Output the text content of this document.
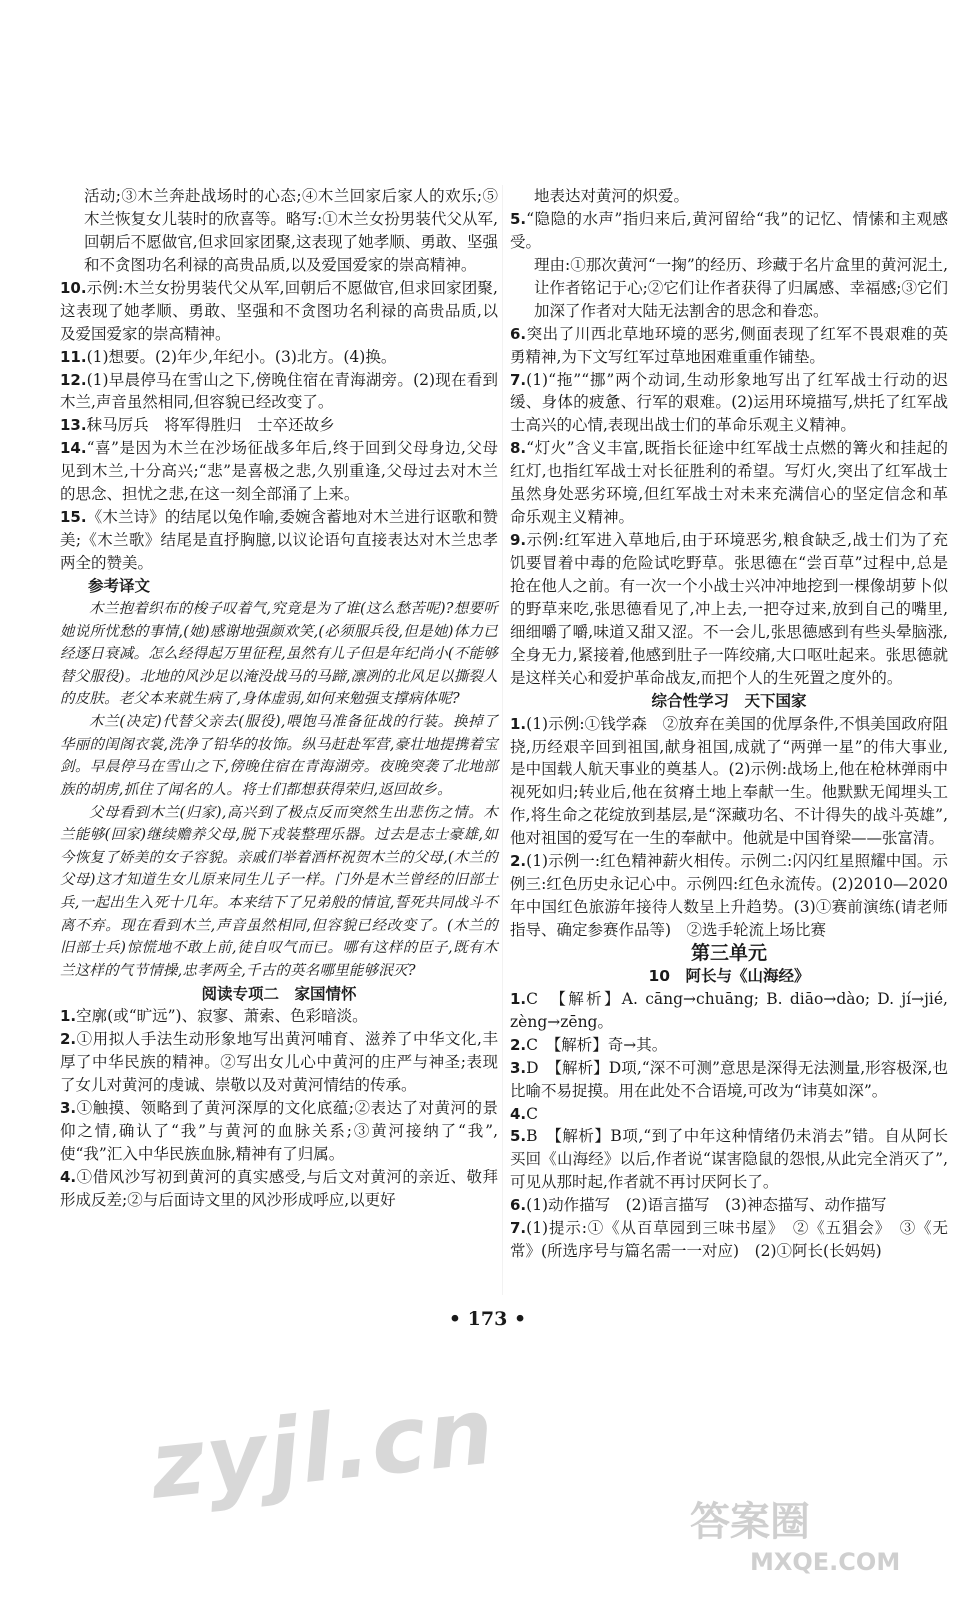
活动;③木兰奔赴战场时的心态;④木兰回家后家人的欢乐;⑤木兰恢复女儿装时的欣喜等。略写:①木兰女扮男装代父从军,回朝后不愿做官,但求回家团聚,这表现了她孝顺、勇敢、坚强和不贪图功名利禄的高贵品质,以及爱国爱家的崇高精神。

10.示例:木兰女扮男装代父从军,回朝后不愿做官,但求回家团聚,这表现了她孝顺、勇敢、坚强和不贪图功名利禄的高贵品质,以及爱国爱家的崇高精神。

11.(1)想要。(2)年少,年纪小。(3)北方。(4)换。

12.(1)早晨停马在雪山之下,傍晚住宿在青海湖旁。(2)现在看到木兰,声音虽然相同,但容貌已经改变了。

13.秣马厉兵　将军得胜归　士卒还故乡

14.“喜”是因为木兰在沙场征战多年后,终于回到父母身边,父母见到木兰,十分高兴;“悲”是喜极之悲,久别重逢,父母过去对木兰的思念、担忧之悲,在这一刻全部涌了上来。

15.《木兰诗》的结尾以兔作喻,委婉含蓄地对木兰进行讴歌和赞美;《木兰歌》结尾是直抒胸臆,以议论语句直接表达对木兰忠孝两全的赞美。

参考译文

木兰抱着织布的梭子叹着气,究竟是为了谁(这么愁苦呢)?想要听她说所忧愁的事情,(她)感谢地强颜欢笑,(必须服兵役,但是她)体力已经逐日衰减。怎么经得起万里征程,虽然有儿子但是年纪尚小(不能够替父服役)。北地的风沙足以淹没战马的马蹄,凛冽的北风足以撕裂人的皮肤。老父本来就生病了,身体虚弱,如何来勉强支撑病体呢?

木兰(决定)代替父亲去(服役),喂饱马准备征战的行装。换掉了华丽的闺阁衣裳,洗净了铅华的妆饰。纵马赶赴军营,豪壮地提携着宝剑。早晨停马在雪山之下,傍晚住宿在青海湖旁。夜晚突袭了北地部族的胡虏,抓住了闻名的人。将士们都想获得荣归,返回故乡。

父母看到木兰(归家),高兴到了极点反而突然生出悲伤之情。木兰能够(回家)继续赡养父母,脱下戎装整理乐器。过去是志士豪雄,如今恢复了娇美的女子容貌。亲戚们举着酒杯祝贺木兰的父母,(木兰的父母)这才知道生女儿原来同生儿子一样。门外是木兰曾经的旧部士兵,一起出生入死十几年。本来结下了兄弟般的情谊,誓死共同战斗不离不弃。现在看到木兰,声音虽然相同,但容貌已经改变了。(木兰的旧部士兵)惊慌地不敢上前,徒自叹气而已。哪有这样的臣子,既有木兰这样的气节情操,忠孝两全,千古的英名哪里能够泯灭?

阅读专项二　家国情怀

1.空廓(或“旷远”)、寂寥、萧索、色彩暗淡。

2.①用拟人手法生动形象地写出黄河哺育、滋养了中华文化,丰厚了中华民族的精神。②写出女儿心中黄河的庄严与神圣;表现了女儿对黄河的虔诚、崇敬以及对黄河情结的传承。

3.①触摸、领略到了黄河深厚的文化底蕴;②表达了对黄河的景仰之情,确认了“我”与黄河的血脉关系;③黄河接纳了“我”,使“我”汇入中华民族血脉,精神有了归属。

4.①借风沙写初到黄河的真实感受,与后文对黄河的亲近、敬拜形成反差;②与后面诗文里的风沙形成呼应,以更好

地表达对黄河的炽爱。

5.“隐隐的水声”指归来后,黄河留给“我”的记忆、情愫和主观感受。

理由:①那次黄河“一掬”的经历、珍藏于名片盒里的黄河泥土,让作者铭记于心;②它们让作者获得了归属感、幸福感;③它们加深了作者对大陆无法割舍的思念和眷恋。

6.突出了川西北草地环境的恶劣,侧面表现了红军不畏艰难的英勇精神,为下文写红军过草地困难重重作铺垫。

7.(1)“拖”“挪”两个动词,生动形象地写出了红军战士行动的迟缓、身体的疲惫、行军的艰难。(2)运用环境描写,烘托了红军战士高兴的心情,表现出战士们的革命乐观主义精神。

8.“灯火”含义丰富,既指长征途中红军战士点燃的篝火和挂起的红灯,也指红军战士对长征胜利的希望。写灯火,突出了红军战士虽然身处恶劣环境,但红军战士对未来充满信心的坚定信念和革命乐观主义精神。

9.示例:红军进入草地后,由于环境恶劣,粮食缺乏,战士们为了充饥要冒着中毒的危险试吃野草。张思德在“尝百草”过程中,总是抢在他人之前。有一次一个小战士兴冲冲地挖到一棵像胡萝卜似的野草来吃,张思德看见了,冲上去,一把夺过来,放到自己的嘴里,细细嚼了嚼,味道又甜又涩。不一会儿,张思德感到有些头晕脑涨,全身无力,紧接着,他感到肚子一阵绞痛,大口呕吐起来。张思德就是这样关心和爱护革命战友,而把个人的生死置之度外的。

综合性学习　天下国家

1.(1)示例:①钱学森　②放弃在美国的优厚条件,不惧美国政府阻挠,历经艰辛回到祖国,献身祖国,成就了“两弹一星”的伟大事业,是中国载人航天事业的奠基人。(2)示例:战场上,他在枪林弹雨中视死如归;转业后,他在贫瘠土地上奉献一生。他默默无闻埋头工作,将生命之花绽放到基层,是“深藏功名、不计得失的战斗英雄”,他对祖国的爱写在一生的奉献中。他就是中国脊梁——张富清。

2.(1)示例一:红色精神薪火相传。示例二:闪闪红星照耀中国。示例三:红色历史永记心中。示例四:红色永流传。(2)2010—2020年中国红色旅游年接待人数呈上升趋势。(3)①赛前演练(请老师指导、确定参赛作品等)　②选手轮流上场比赛

第三单元

10　阿长与《山海经》

1.C　【解析】A. cāng→chuāng; B. diāo→dào; D. jí→jié, zèng→zēng。

2.C　【解析】奇→其。

3.D　【解析】D项,“深不可测”意思是深得无法测量,形容极深,也比喻不易捉摸。用在此处不合语境,可改为“讳莫如深”。

4.C

5.B　【解析】B项,“到了中年这种情绪仍未消去”错。自从阿长买回《山海经》以后,作者说“谋害隐鼠的怨恨,从此完全消灭了”,可见从那时起,作者就不再讨厌阿长了。

6.(1)动作描写　(2)语言描写　(3)神态描写、动作描写

7.(1)提示:①《从百草园到三味书屋》　②《五猖会》　③《无常》(所选序号与篇名需一一对应)　(2)①阿长(长妈妈)

• 173 •
zyjl.cn
答案圈
MXQE.COM
